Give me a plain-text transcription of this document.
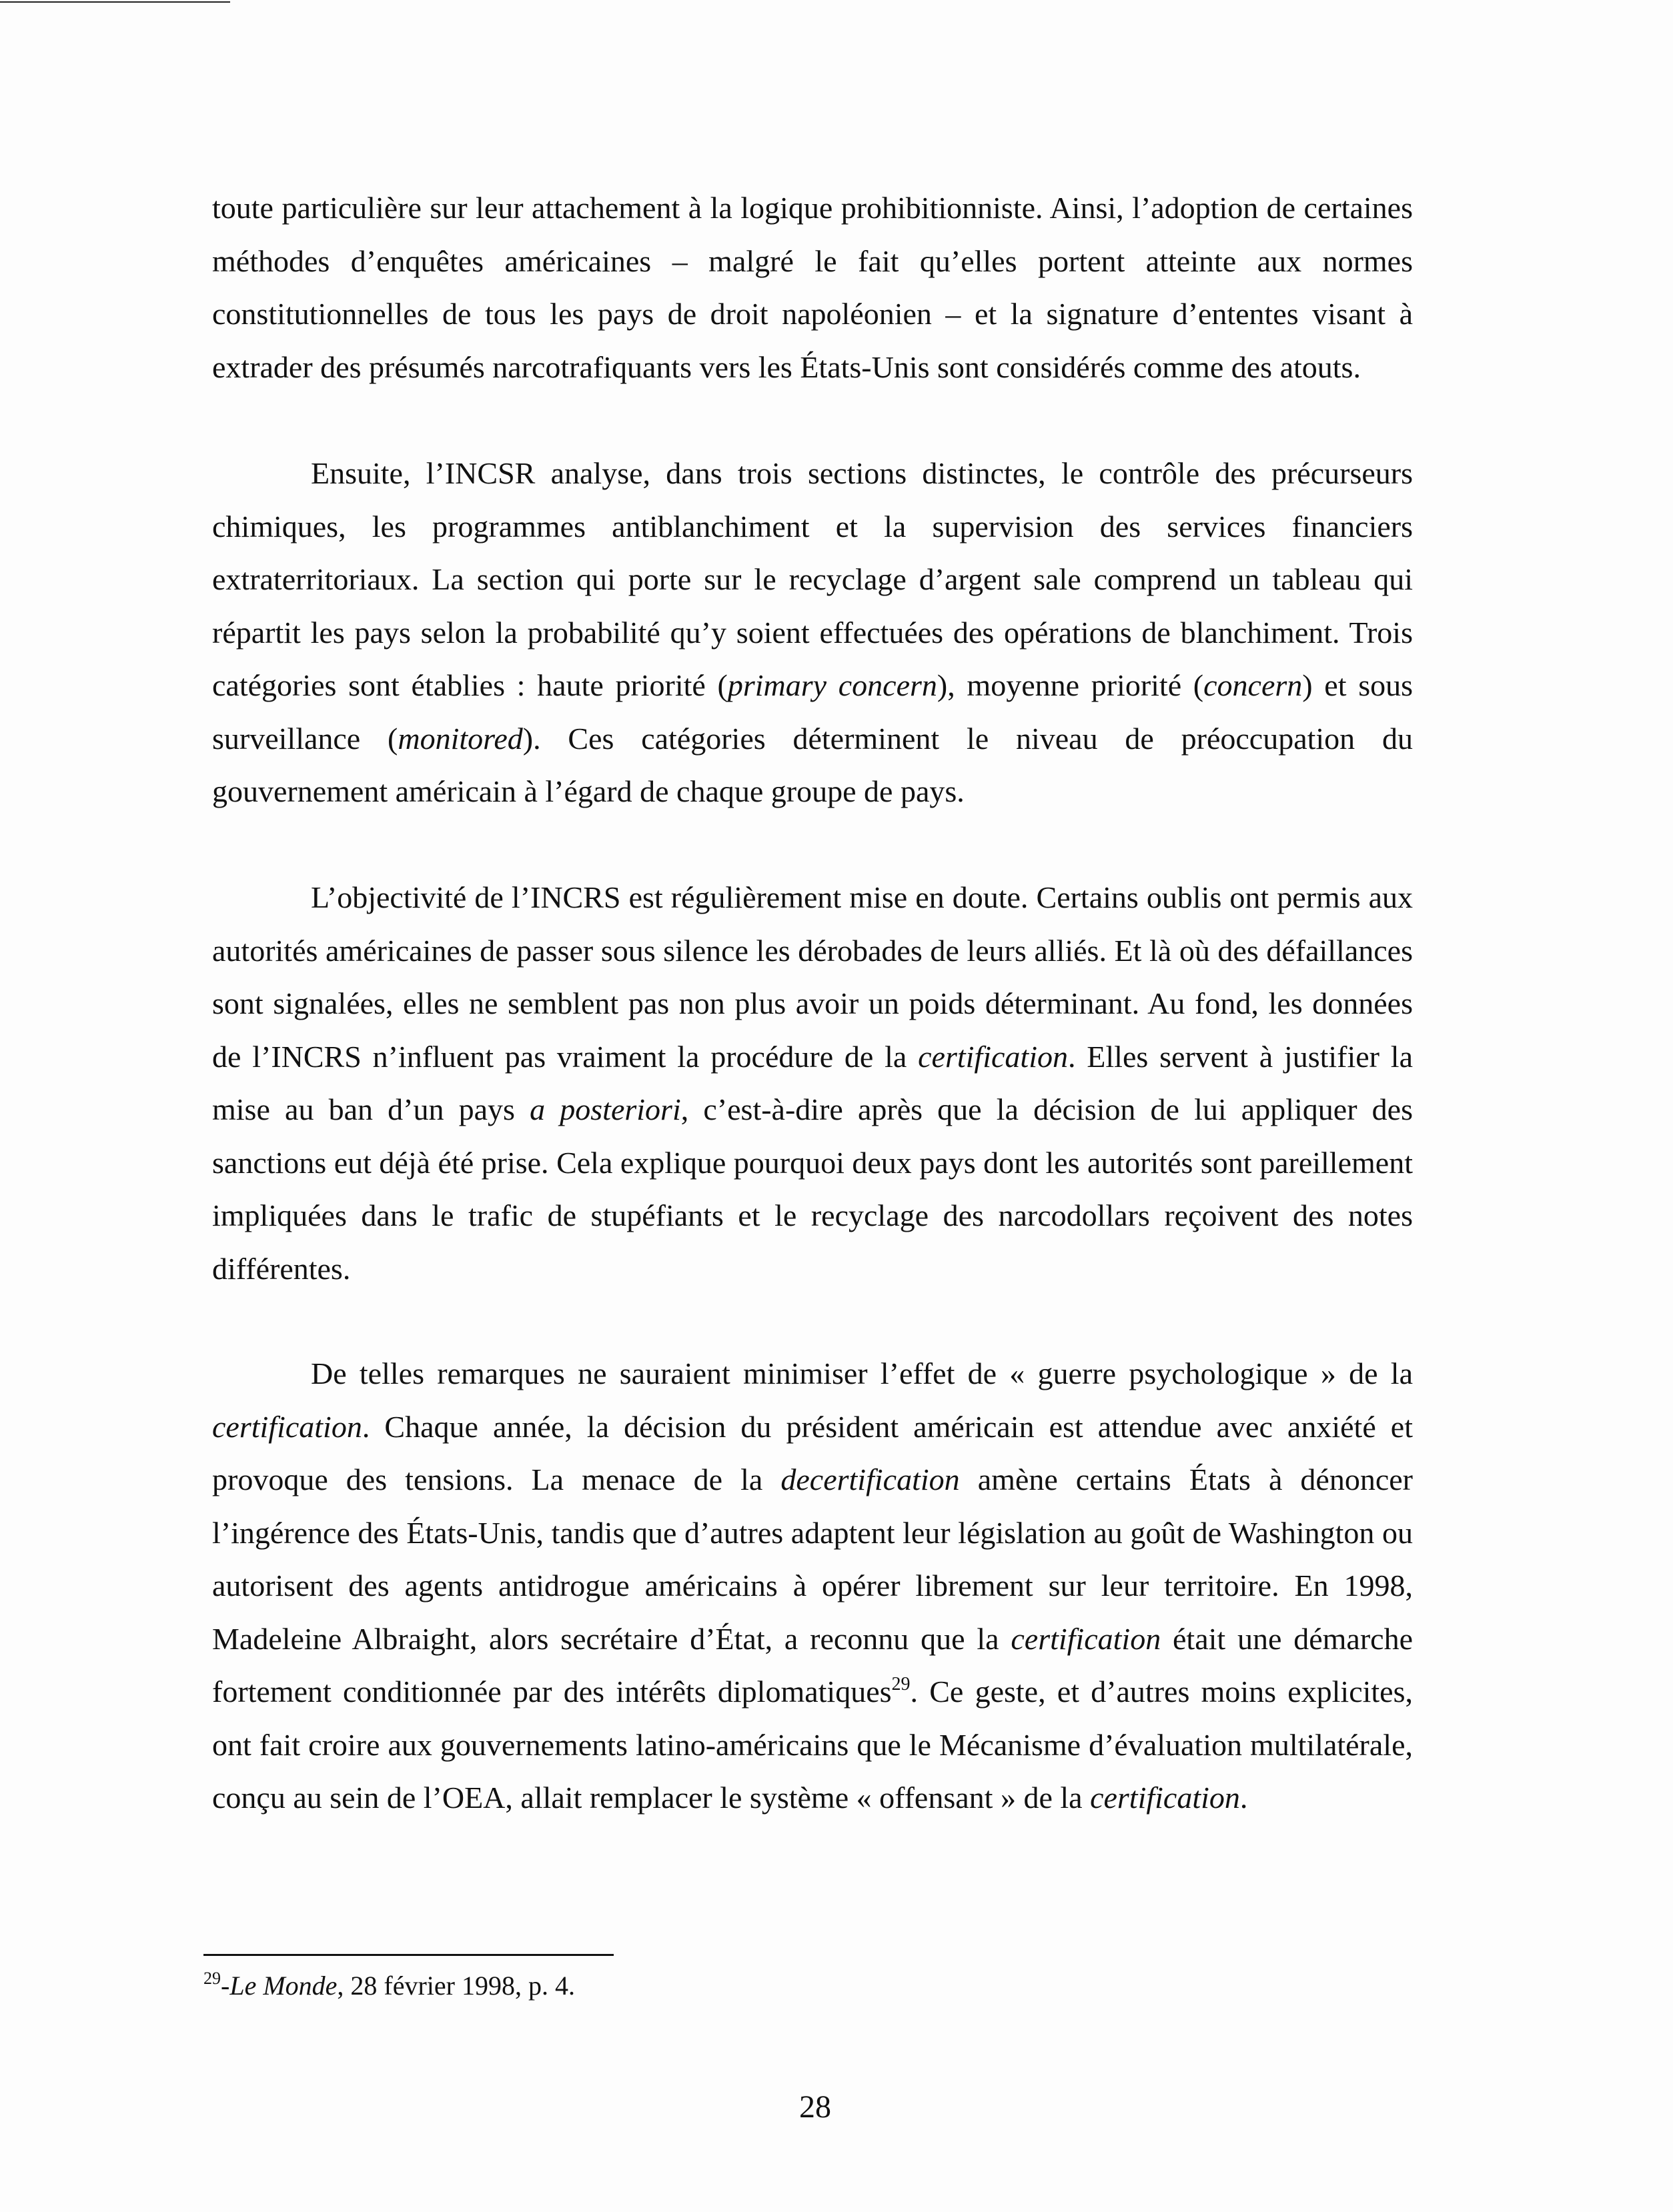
toute particulière sur leur attachement à la logique prohibitionniste. Ainsi, l’adoption de certaines méthodes d’enquêtes américaines – malgré le fait qu’elles portent atteinte aux normes constitutionnelles de tous les pays de droit napoléonien – et la signature d’ententes visant à extrader des présumés narcotrafiquants vers les États-Unis sont considérés comme des atouts.

Ensuite, l’INCSR analyse, dans trois sections distinctes, le contrôle des précurseurs chimiques, les programmes antiblanchiment et la supervision des services financiers extraterritoriaux. La section qui porte sur le recyclage d’argent sale comprend un tableau qui répartit les pays selon la probabilité qu’y soient effectuées des opérations de blanchiment. Trois catégories sont établies : haute priorité (primary concern), moyenne priorité (concern) et sous surveillance (monitored). Ces catégories déterminent le niveau de préoccupation du gouvernement américain à l’égard de chaque groupe de pays.

L’objectivité de l’INCRS est régulièrement mise en doute. Certains oublis ont permis aux autorités américaines de passer sous silence les dérobades de leurs alliés. Et là où des défaillances sont signalées, elles ne semblent pas non plus avoir un poids déterminant. Au fond, les données de l’INCRS n’influent pas vraiment la procédure de la certification. Elles servent à justifier la mise au ban d’un pays a posteriori, c’est-à-dire après que la décision de lui appliquer des sanctions eut déjà été prise. Cela explique pourquoi deux pays dont les autorités sont pareillement impliquées dans le trafic de stupéfiants et le recyclage des narcodollars reçoivent des notes différentes.

De telles remarques ne sauraient minimiser l’effet de « guerre psychologique » de la certification. Chaque année, la décision du président américain est attendue avec anxiété et provoque des tensions. La menace de la decertification amène certains États à dénoncer l’ingérence des États-Unis, tandis que d’autres adaptent leur législation au goût de Washington ou autorisent des agents antidrogue américains à opérer librement sur leur territoire. En 1998, Madeleine Albraight, alors secrétaire d’État, a reconnu que la certification était une démarche fortement conditionnée par des intérêts diplomatiques$^{29}$. Ce geste, et d’autres moins explicites, ont fait croire aux gouvernements latino-américains que le Mécanisme d’évaluation multilatérale, conçu au sein de l’OEA, allait remplacer le système « offensant » de la certification.

$^{29}$-Le Monde, 28 février 1998, p. 4.

28
